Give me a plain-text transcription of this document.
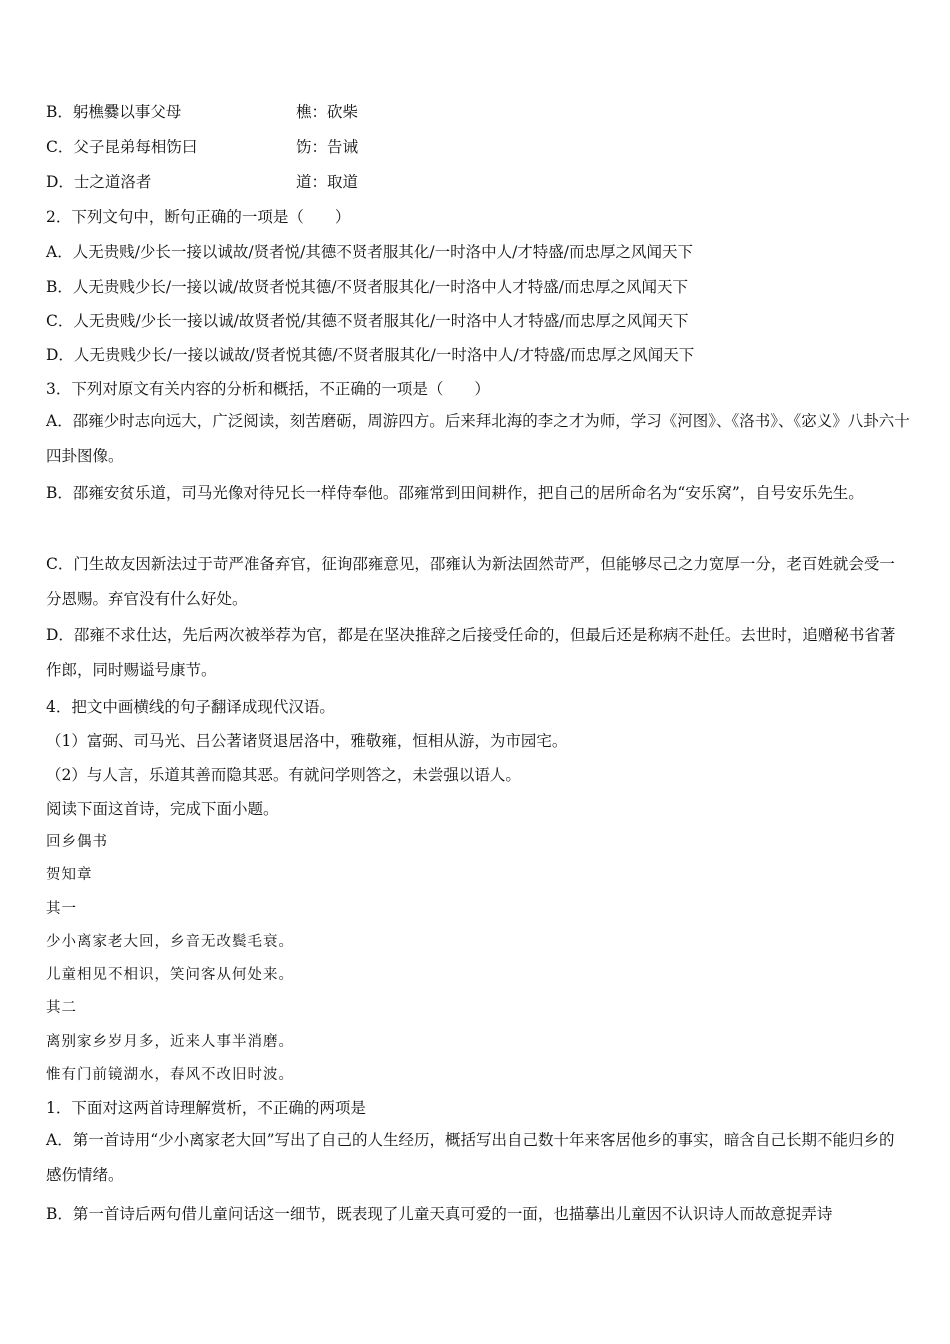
B．躬樵爨以事父母	樵：砍柴
C．父子昆弟每相饬曰	饬：告诫
D．士之道洛者	道：取道
2．下列文句中，断句正确的一项是（　　）
A．人无贵贱/少长一接以诚故/贤者悦/其德不贤者服其化/一时洛中人/才特盛/而忠厚之风闻天下
B．人无贵贱少长/一接以诚/故贤者悦其德/不贤者服其化/一时洛中人才特盛/而忠厚之风闻天下
C．人无贵贱/少长一接以诚/故贤者悦/其德不贤者服其化/一时洛中人才特盛/而忠厚之风闻天下
D．人无贵贱少长/一接以诚故/贤者悦其德/不贤者服其化/一时洛中人/才特盛/而忠厚之风闻天下
3．下列对原文有关内容的分析和概括，不正确的一项是（　　）
A．邵雍少时志向远大，广泛阅读，刻苦磨砺，周游四方。后来拜北海的李之才为师，学习《河图》、《洛书》、《宓义》八卦六十四卦图像。
B．邵雍安贫乐道，司马光像对待兄长一样侍奉他。邵雍常到田间耕作，把自己的居所命名为“安乐窝”，自号安乐先生。
C．门生故友因新法过于苛严准备弃官，征询邵雍意见，邵雍认为新法固然苛严，但能够尽己之力宽厚一分，老百姓就会受一分恩赐。弃官没有什么好处。
D．邵雍不求仕达，先后两次被举荐为官，都是在坚决推辞之后接受任命的，但最后还是称病不赴任。去世时，追赠秘书省著作郎，同时赐谥号康节。
4．把文中画横线的句子翻译成现代汉语。
（1）富弼、司马光、吕公著诸贤退居洛中，雅敬雍，恒相从游，为市园宅。
（2）与人言，乐道其善而隐其恶。有就问学则答之，未尝强以语人。
阅读下面这首诗，完成下面小题。
回乡偶书
贺知章
其一
少小离家老大回，乡音无改鬓毛衰。
儿童相见不相识，笑问客从何处来。
其二
离别家乡岁月多，近来人事半消磨。
惟有门前镜湖水，春风不改旧时波。
1．下面对这两首诗理解赏析，不正确的两项是
A．第一首诗用“少小离家老大回”写出了自己的人生经历，概括写出自己数十年来客居他乡的事实，暗含自己长期不能归乡的感伤情绪。
B．第一首诗后两句借儿童问话这一细节，既表现了儿童天真可爱的一面，也描摹出儿童因不认识诗人而故意捉弄诗
